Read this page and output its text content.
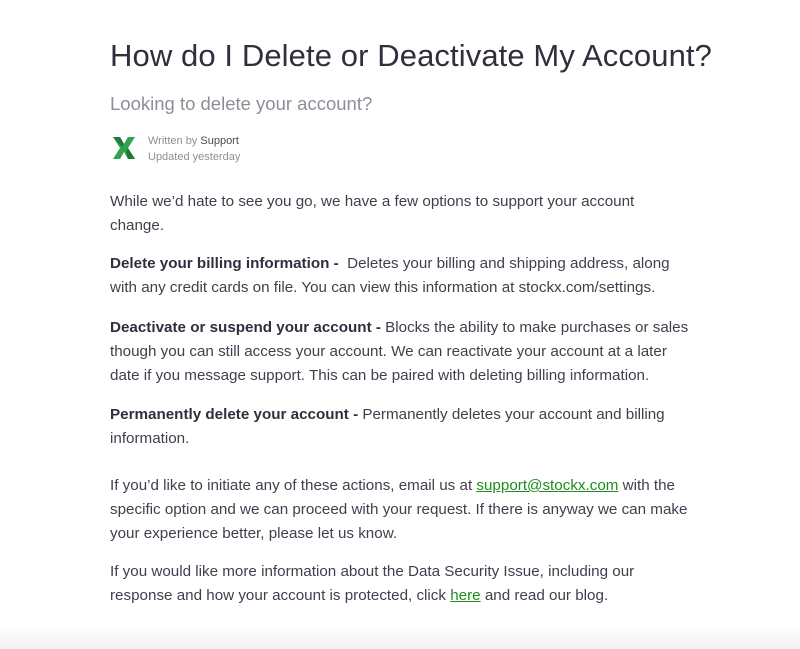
How do I Delete or Deactivate My Account?
Looking to delete your account?
Written by Support
Updated yesterday

While we’d hate to see you go, we have a few options to support your account change.

Delete your billing information -  Deletes your billing and shipping address, along with any credit cards on file. You can view this information at stockx.com/settings.

Deactivate or suspend your account - Blocks the ability to make purchases or sales though you can still access your account. We can reactivate your account at a later date if you message support. This can be paired with deleting billing information.

Permanently delete your account - Permanently deletes your account and billing information.

If you’d like to initiate any of these actions, email us at support@stockx.com with the specific option and we can proceed with your request. If there is anyway we can make your experience better, please let us know.

If you would like more information about the Data Security Issue, including our response and how your account is protected, click here and read our blog.
